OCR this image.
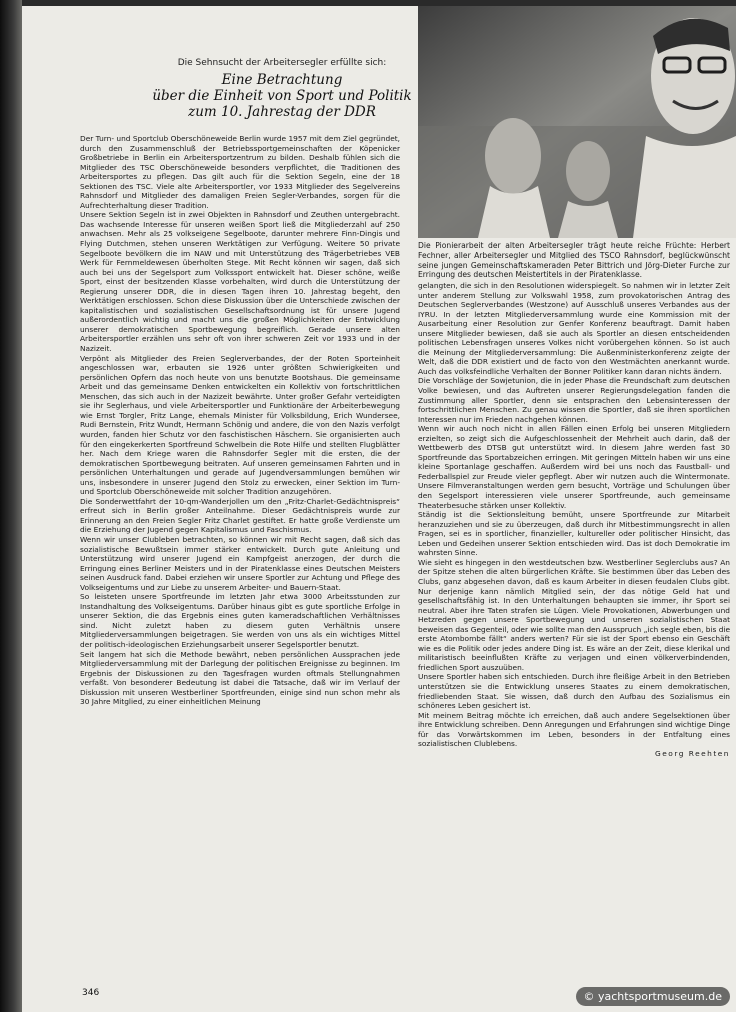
Die Sehnsucht der Arbeitersegler erfüllte sich:
Eine Betrachtung
über die Einheit von Sport und Politik
zum 10. Jahrestag der DDR
Die Pionierarbeit der alten Arbeitersegler trägt heute reiche Früchte: Herbert Fechner, aller Arbeitersegler und Mitglied des TSCO Rahnsdorf, beglückwünscht seine jungen Gemeinschaftskameraden Peter Bittrich und Jörg-Dieter Furche zur Erringung des deutschen Meistertitels in der Piratenklasse.

Der Turn- und Sportclub Oberschöneweide Berlin wurde 1957 mit dem Ziel gegründet, durch den Zusammenschluß der Betriebssportgemeinschaften der Köpenicker Großbetriebe in Berlin ein Arbeitersportzentrum zu bilden. Deshalb fühlen sich die Mitglieder des TSC Oberschöneweide besonders verpflichtet, die Traditionen des Arbeitersportes zu pflegen. Das gilt auch für die Sektion Segeln, eine der 18 Sektionen des TSC. Viele alte Arbeitersportler, vor 1933 Mitglieder des Segelvereins Rahnsdorf und Mitglieder des damaligen Freien Segler-Verbandes, sorgen für die Aufrechterhaltung dieser Tradition.

Unsere Sektion Segeln ist in zwei Objekten in Rahnsdorf und Zeuthen untergebracht. Das wachsende Interesse für unseren weißen Sport ließ die Mitgliederzahl auf 250 anwachsen. Mehr als 25 volkseigene Segelboote, darunter mehrere Finn-Dingis und Flying Dutchmen, stehen unseren Werktätigen zur Verfügung. Weitere 50 private Segelboote bevölkern die im NAW und mit Unterstützung des Trägerbetriebes VEB Werk für Fernmeldewesen überholten Stege. Mit Recht können wir sagen, daß sich auch bei uns der Segelsport zum Volkssport entwickelt hat. Dieser schöne, weiße Sport, einst der besitzenden Klasse vorbehalten, wird durch die Unterstützung der Regierung unserer DDR, die in diesen Tagen ihren 10. Jahrestag begeht, den Werktätigen erschlossen. Schon diese Diskussion über die Unterschiede zwischen der kapitalistischen und sozialistischen Gesellschaftsordnung ist für unsere Jugend außerordentlich wichtig und macht uns die großen Möglichkeiten der Entwicklung unserer demokratischen Sportbewegung begreiflich. Gerade unsere alten Arbeitersportler erzählen uns sehr oft von ihrer schweren Zeit vor 1933 und in der Nazizeit.

Verpönt als Mitglieder des Freien Seglerverbandes, der der Roten Sporteinheit angeschlossen war, erbauten sie 1926 unter größten Schwierigkeiten und persönlichen Opfern das noch heute von uns benutzte Bootshaus. Die gemeinsame Arbeit und das gemeinsame Denken entwickelten ein Kollektiv von fortschrittlichen Menschen, das sich auch in der Nazizeit bewährte. Unter großer Gefahr verteidigten sie ihr Seglerhaus, und viele Arbeitersportler und Funktionäre der Arbeiterbewegung wie Ernst Torgler, Fritz Lange, ehemals Minister für Volksbildung, Erich Wundersee, Rudi Bernstein, Fritz Wundt, Hermann Schönig und andere, die von den Nazis verfolgt wurden, fanden hier Schutz vor den faschistischen Häschern. Sie organisierten auch für den eingekerkerten Sportfreund Schwelbein die Rote Hilfe und stellten Flugblätter her. Nach dem Kriege waren die Rahnsdorfer Segler mit die ersten, die der demokratischen Sportbewegung beitraten. Auf unseren gemeinsamen Fahrten und in persönlichen Unterhaltungen und gerade auf Jugendversammlungen bemühen wir uns, insbesondere in unserer Jugend den Stolz zu erwecken, einer Sektion im Turn- und Sportclub Oberschöneweide mit solcher Tradition anzugehören.

Die Sonderwettfahrt der 10-qm-Wanderjollen um den „Fritz-Charlet-Gedächtnispreis“ erfreut sich in Berlin großer Anteilnahme. Dieser Gedächtnispreis wurde zur Erinnerung an den Freien Segler Fritz Charlet gestiftet. Er hatte große Verdienste um die Erziehung der Jugend gegen Kapitalismus und Faschismus.

Wenn wir unser Clubleben betrachten, so können wir mit Recht sagen, daß sich das sozialistische Bewußtsein immer stärker entwickelt. Durch gute Anleitung und Unterstützung wird unserer Jugend ein Kampfgeist anerzogen, der durch die Erringung eines Berliner Meisters und in der Piratenklasse eines Deutschen Meisters seinen Ausdruck fand. Dabei erziehen wir unsere Sportler zur Achtung und Pflege des Volkseigentums und zur Liebe zu unserem Arbeiter- und Bauern-Staat.

So leisteten unsere Sportfreunde im letzten Jahr etwa 3000 Arbeitsstunden zur Instandhaltung des Volkseigentums. Darüber hinaus gibt es gute sportliche Erfolge in unserer Sektion, die das Ergebnis eines guten kameradschaftlichen Verhältnisses sind. Nicht zuletzt haben zu diesem guten Verhältnis unsere Mitgliederversammlungen beigetragen. Sie werden von uns als ein wichtiges Mittel der politisch-ideologischen Erziehungsarbeit unserer Segelsportler benutzt.

Seit langem hat sich die Methode bewährt, neben persönlichen Aussprachen jede Mitgliederversammlung mit der Darlegung der politischen Ereignisse zu beginnen. Im Ergebnis der Diskussionen zu den Tagesfragen wurden oftmals Stellungnahmen verfaßt. Von besonderer Bedeutung ist dabei die Tatsache, daß wir im Verlauf der Diskussion mit unseren Westberliner Sportfreunden, einige sind nun schon mehr als 30 Jahre Mitglied, zu einer einheitlichen Meinung

gelangten, die sich in den Resolutionen widerspiegelt. So nahmen wir in letzter Zeit unter anderem Stellung zur Volkswahl 1958, zum provokatorischen Antrag des Deutschen Seglerverbandes (Westzone) auf Ausschluß unseres Verbandes aus der IYRU. In der letzten Mitgliederversammlung wurde eine Kommission mit der Ausarbeitung einer Resolution zur Genfer Konferenz beauftragt. Damit haben unsere Mitglieder bewiesen, daß sie auch als Sportler an diesen entscheidenden politischen Lebensfragen unseres Volkes nicht vorübergehen können. So ist auch die Meinung der Mitgliederversammlung: Die Außenministerkonferenz zeigte der Welt, daß die DDR existiert und de facto von den Westmächten anerkannt wurde. Auch das volksfeindliche Verhalten der Bonner Politiker kann daran nichts ändern.

Die Vorschläge der Sowjetunion, die in jeder Phase die Freundschaft zum deutschen Volke bewiesen, und das Auftreten unserer Regierungsdelegation fanden die Zustimmung aller Sportler, denn sie entsprachen den Lebensinteressen der fortschrittlichen Menschen. Zu genau wissen die Sportler, daß sie ihren sportlichen Interessen nur im Frieden nachgehen können.

Wenn wir auch noch nicht in allen Fällen einen Erfolg bei unseren Mitgliedern erzielten, so zeigt sich die Aufgeschlossenheit der Mehrheit auch darin, daß der Wettbewerb des DTSB gut unterstützt wird. In diesem Jahre werden fast 30 Sportfreunde das Sportabzeichen erringen. Mit geringen Mitteln haben wir uns eine kleine Sportanlage geschaffen. Außerdem wird bei uns noch das Faustball- und Federballspiel zur Freude vieler gepflegt. Aber wir nutzen auch die Wintermonate. Unsere Filmveranstaltungen werden gern besucht, Vorträge und Schulungen über den Segelsport interessieren viele unserer Sportfreunde, auch gemeinsame Theaterbesuche stärken unser Kollektiv.

Ständig ist die Sektionsleitung bemüht, unsere Sportfreunde zur Mitarbeit heranzuziehen und sie zu überzeugen, daß durch ihr Mitbestimmungsrecht in allen Fragen, sei es in sportlicher, finanzieller, kultureller oder politischer Hinsicht, das Leben und Gedeihen unserer Sektion entschieden wird. Das ist doch Demokratie im wahrsten Sinne.

Wie sieht es hingegen in den westdeutschen bzw. Westberliner Seglerclubs aus? An der Spitze stehen die alten bürgerlichen Kräfte. Sie bestimmen über das Leben des Clubs, ganz abgesehen davon, daß es kaum Arbeiter in diesen feudalen Clubs gibt. Nur derjenige kann nämlich Mitglied sein, der das nötige Geld hat und gesellschaftsfähig ist. In den Unterhaltungen behaupten sie immer, ihr Sport sei neutral. Aber ihre Taten strafen sie Lügen. Viele Provokationen, Abwerbungen und Hetzreden gegen unsere Sportbewegung und unseren sozialistischen Staat beweisen das Gegenteil, oder wie sollte man den Ausspruch „ich segle eben, bis die erste Atombombe fällt“ anders werten? Für sie ist der Sport ebenso ein Geschäft wie es die Politik oder jedes andere Ding ist. Es wäre an der Zeit, diese klerikal und militaristisch beeinflußten Kräfte zu verjagen und einen völkerverbindenden, friedlichen Sport auszuüben.

Unsere Sportler haben sich entschieden. Durch ihre fleißige Arbeit in den Betrieben unterstützen sie die Entwicklung unseres Staates zu einem demokratischen, friedliebenden Staat. Sie wissen, daß durch den Aufbau des Sozialismus ein schöneres Leben gesichert ist.

Mit meinem Beitrag möchte ich erreichen, daß auch andere Segelsektionen über ihre Entwicklung schreiben. Denn Anregungen und Erfahrungen sind wichtige Dinge für das Vorwärtskommen im Leben, besonders in der Entfaltung eines sozialistischen Clublebens.

Georg Reehten

346	© yachtsportmuseum.de
